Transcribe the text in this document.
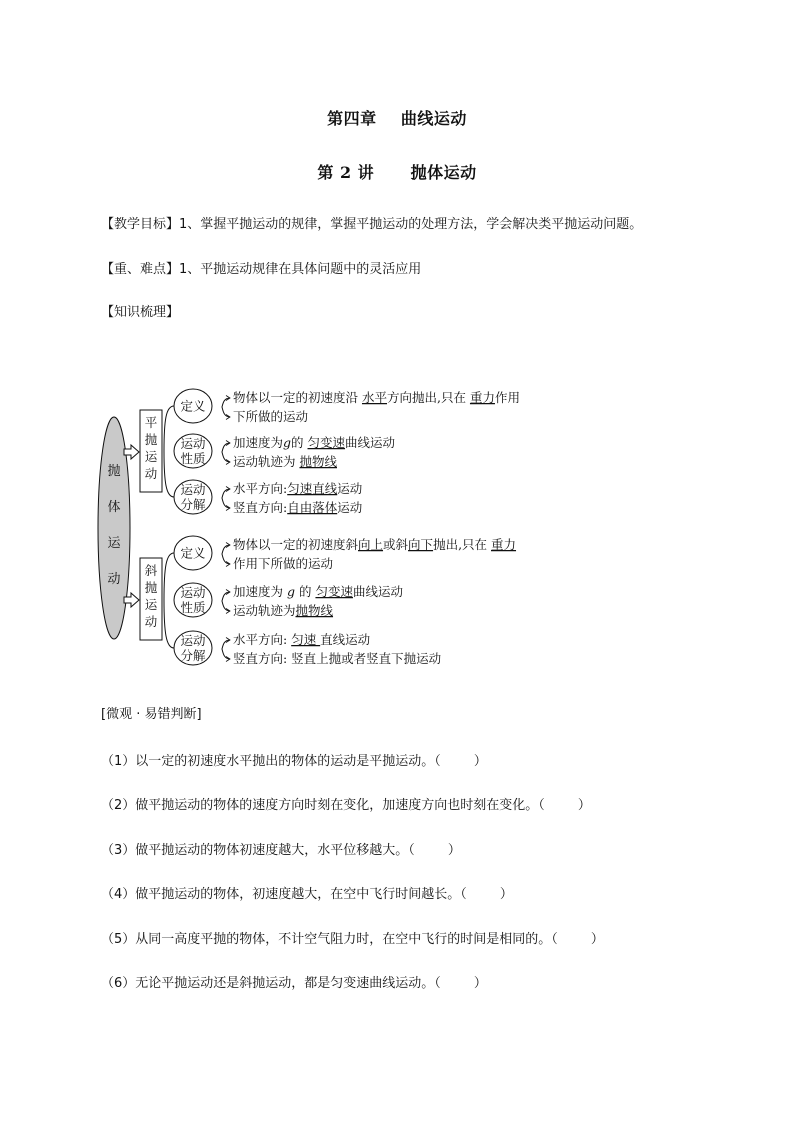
第四章    曲线运动
第 2 讲      抛体运动
【教学目标】1、掌握平抛运动的规律，掌握平抛运动的处理方法，学会解决类平抛运动问题。
【重、难点】1、平抛运动规律在具体问题中的灵活应用
【知识梳理】
抛
体
运
动
平
抛
运
动
斜
抛
运
动
定义
物体以一定的初速度沿 水平方向抛出,只在 重力作用
下所做的运动
运动
性质
加速度为g的 匀变速曲线运动
运动轨迹为 抛物线
运动
分解
水平方向:匀速直线运动
竖直方向:自由落体运动
定义
物体以一定的初速度斜向上或斜向下抛出,只在 重力
作用下所做的运动
运动
性质
加速度为 g 的 匀变速曲线运动
运动轨迹为抛物线
运动
分解
水平方向: 匀速 直线运动
竖直方向: 竖直上抛或者竖直下抛运动
[微观 · 易错判断]
（1）以一定的初速度水平抛出的物体的运动是平抛运动。（        ）
（2）做平抛运动的物体的速度方向时刻在变化，加速度方向也时刻在变化。（        ）
（3）做平抛运动的物体初速度越大，水平位移越大。（        ）
（4）做平抛运动的物体，初速度越大，在空中飞行时间越长。（        ）
（5）从同一高度平抛的物体，不计空气阻力时，在空中飞行的时间是相同的。（        ）
（6）无论平抛运动还是斜抛运动，都是匀变速曲线运动。（        ）
